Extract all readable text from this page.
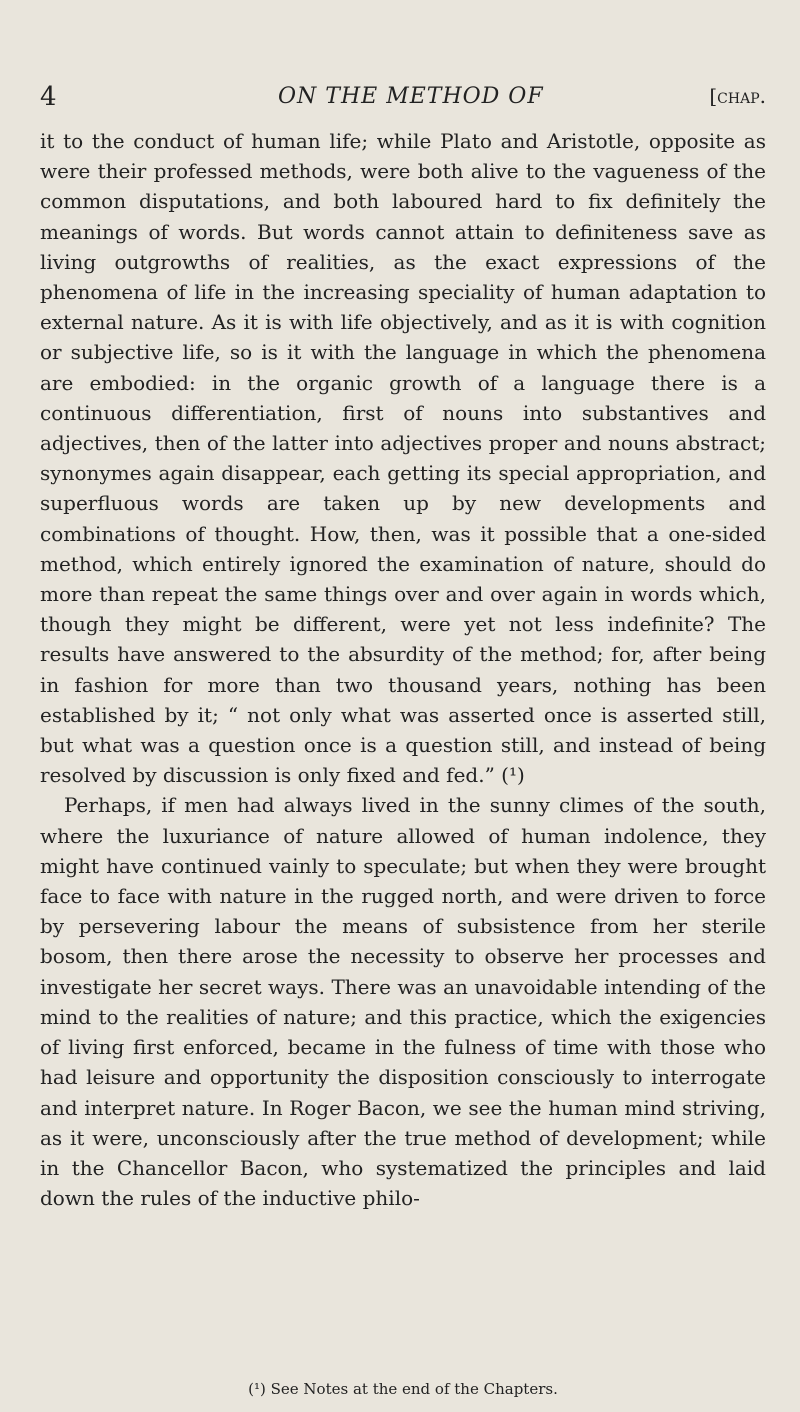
4	ON THE METHOD OF	[chap.

it to the conduct of human life; while Plato and Aristotle, opposite as were their professed methods, were both alive to the vagueness of the common disputations, and both laboured hard to fix definitely the meanings of words. But words cannot attain to definiteness save as living outgrowths of realities, as the exact expressions of the phenomena of life in the increasing speciality of human adaptation to external nature. As it is with life objectively, and as it is with cognition or subjective life, so is it with the language in which the phenomena are embodied: in the organic growth of a language there is a continuous differentiation, first of nouns into substantives and adjectives, then of the latter into adjectives proper and nouns abstract; synonymes again disappear, each getting its special appropriation, and superfluous words are taken up by new developments and combinations of thought. How, then, was it possible that a one-sided method, which entirely ignored the examination of nature, should do more than repeat the same things over and over again in words which, though they might be different, were yet not less indefinite? The results have answered to the absurdity of the method; for, after being in fashion for more than two thousand years, nothing has been established by it; “ not only what was asserted once is asserted still, but what was a question once is a question still, and instead of being resolved by discussion is only fixed and fed.” (¹)

Perhaps, if men had always lived in the sunny climes of the south, where the luxuriance of nature allowed of human indolence, they might have continued vainly to speculate; but when they were brought face to face with nature in the rugged north, and were driven to force by persevering labour the means of subsistence from her sterile bosom, then there arose the necessity to observe her processes and investigate her secret ways. There was an unavoidable intending of the mind to the realities of nature; and this practice, which the exigencies of living first enforced, became in the fulness of time with those who had leisure and opportunity the disposition consciously to interrogate and interpret nature. In Roger Bacon, we see the human mind striving, as it were, unconsciously after the true method of development; while in the Chancellor Bacon, who systematized the principles and laid down the rules of the inductive philo-

(¹) See Notes at the end of the Chapters.
